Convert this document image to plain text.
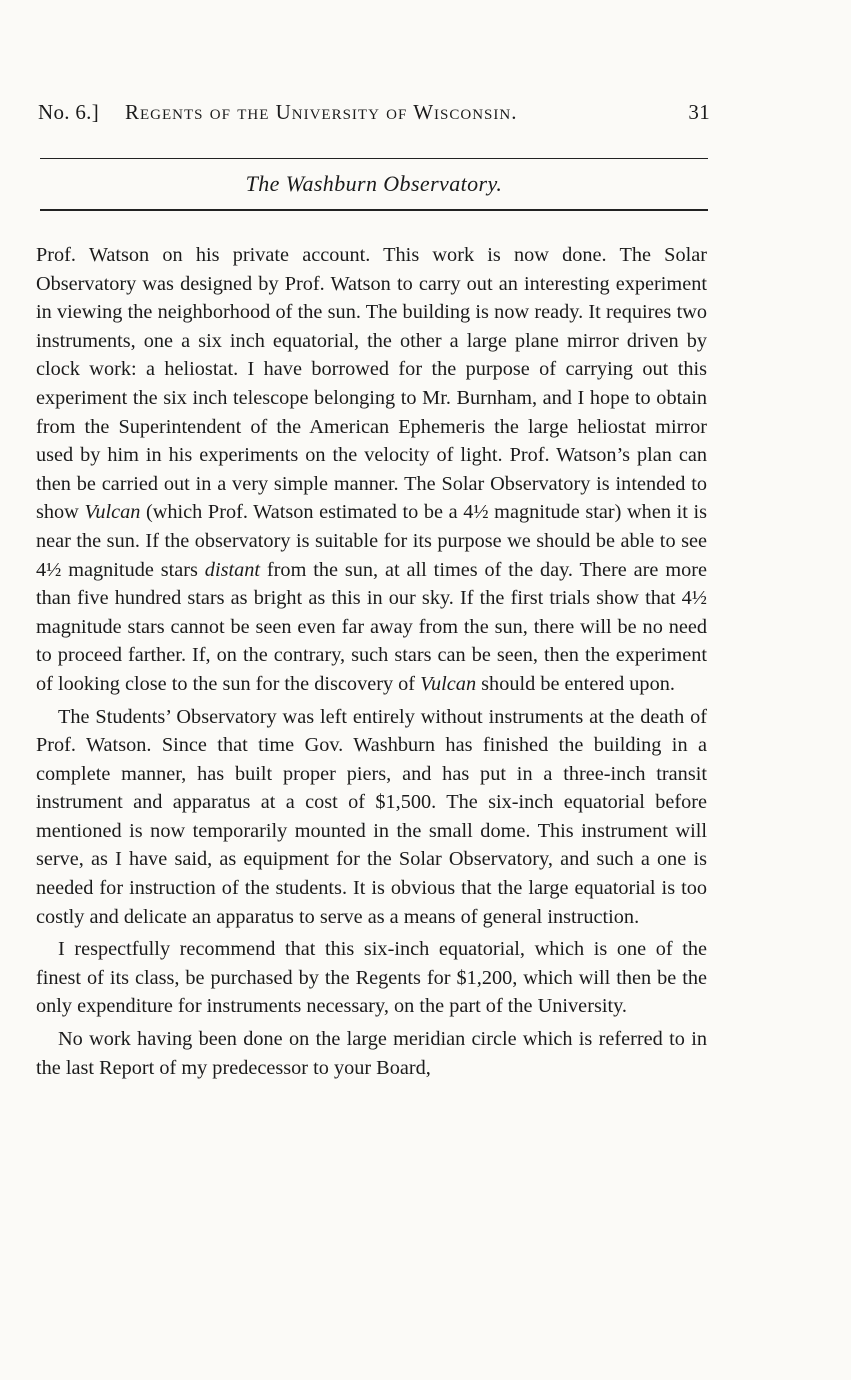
No. 6.] Regents of the University of Wisconsin.	31
The Washburn Observatory.

Prof. Watson on his private account. This work is now done. The Solar Observatory was designed by Prof. Watson to carry out an interesting experiment in viewing the neighborhood of the sun. The building is now ready. It requires two instruments, one a six inch equatorial, the other a large plane mirror driven by clock work: a heliostat. I have borrowed for the purpose of carrying out this experiment the six inch telescope belonging to Mr. Burnham, and I hope to obtain from the Superintendent of the American Ephemeris the large heliostat mirror used by him in his experiments on the velocity of light. Prof. Watson’s plan can then be carried out in a very simple manner. The Solar Observatory is intended to show Vulcan (which Prof. Watson estimated to be a 4½ magnitude star) when it is near the sun. If the observatory is suitable for its purpose we should be able to see 4½ magnitude stars distant from the sun, at all times of the day. There are more than five hundred stars as bright as this in our sky. If the first trials show that 4½ magnitude stars cannot be seen even far away from the sun, there will be no need to proceed farther. If, on the contrary, such stars can be seen, then the experiment of looking close to the sun for the discovery of Vulcan should be entered upon.

The Students’ Observatory was left entirely without instruments at the death of Prof. Watson. Since that time Gov. Washburn has finished the building in a complete manner, has built proper piers, and has put in a three-inch transit instrument and apparatus at a cost of $1,500. The six-inch equatorial before mentioned is now temporarily mounted in the small dome. This instrument will serve, as I have said, as equipment for the Solar Observatory, and such a one is needed for instruction of the students. It is obvious that the large equatorial is too costly and delicate an apparatus to serve as a means of general instruction.

I respectfully recommend that this six-inch equatorial, which is one of the finest of its class, be purchased by the Regents for $1,200, which will then be the only expenditure for instruments necessary, on the part of the University.

No work having been done on the large meridian circle which is referred to in the last Report of my predecessor to your Board,
